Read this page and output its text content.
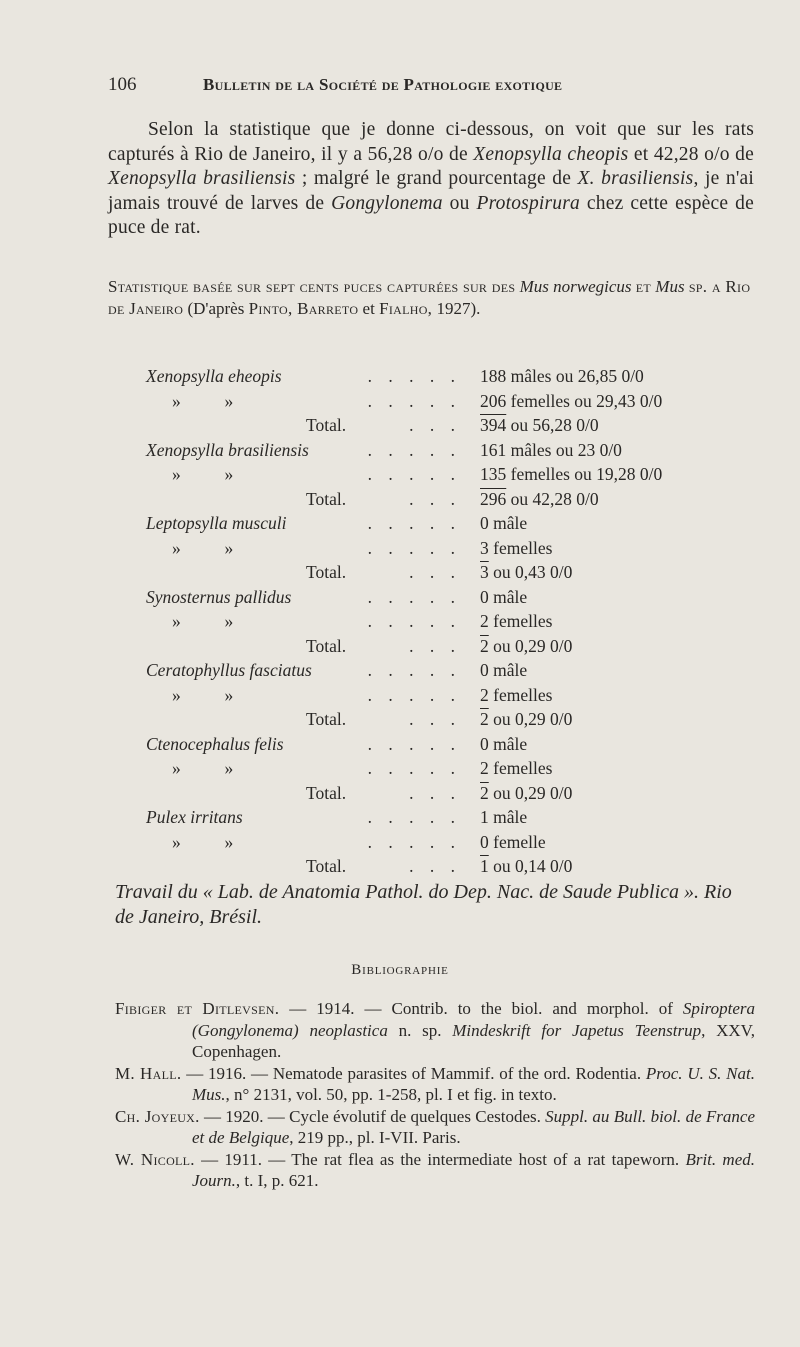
106	Bulletin de la Société de Pathologie exotique

Selon la statistique que je donne ci-dessous, on voit que sur les rats capturés à Rio de Janeiro, il y a 56,28 o/o de Xenopsylla cheopis et 42,28 o/o de Xenopsylla brasiliensis ; malgré le grand pourcentage de X. brasiliensis, je n'ai jamais trouvé de larves de Gongylonema ou Protospirura chez cette espèce de puce de rat.

Statistique basée sur sept cents puces capturées sur des Mus norwegicus et Mus sp. a Rio de Janeiro (D'après Pinto, Barreto et Fialho, 1927).

Xenopsylla eheopis	. . . . . 188 mâles ou 26,85 0/0
»          »	. . . . . 206 femelles ou 29,43 0/0
Total.	. . . 394 ou 56,28 0/0
Xenopsylla brasiliensis	. . . . . 161 mâles ou 23 0/0
»          »	. . . . . 135 femelles ou 19,28 0/0
Total.	. . . 296 ou 42,28 0/0
Leptopsylla musculi	. . . . . 0 mâle
»          »	. . . . . 3 femelles
Total.	. . . 3 ou 0,43 0/0
Synosternus pallidus	. . . . . 0 mâle
»          »	. . . . . 2 femelles
Total.	. . . 2 ou 0,29 0/0
Ceratophyllus fasciatus	. . . . . 0 mâle
»          »	. . . . . 2 femelles
Total.	. . . 2 ou 0,29 0/0
Ctenocephalus felis	. . . . . 0 mâle
»          »	. . . . . 2 femelles
Total.	. . . 2 ou 0,29 0/0
Pulex irritans	. . . . . 1 mâle
»          »	. . . . . 0 femelle
Total.	. . . 1 ou 0,14 0/0
Travail du « Lab. de Anatomia Pathol. do Dep. Nac. de Saude Publica ». Rio de Janeiro, Brésil.
Bibliographie

Fibiger et Ditlevsen. — 1914. — Contrib. to the biol. and morphol. of Spiroptera (Gongylonema) neoplastica n. sp. Mindeskrift for Japetus Teenstrup, XXV, Copenhagen.

M. Hall. — 1916. — Nematode parasites of Mammif. of the ord. Rodentia. Proc. U. S. Nat. Mus., n° 2131, vol. 50, pp. 1-258, pl. I et fig. in texto.

Ch. Joyeux. — 1920. — Cycle évolutif de quelques Cestodes. Suppl. au Bull. biol. de France et de Belgique, 219 pp., pl. I-VII. Paris.

W. Nicoll. — 1911. — The rat flea as the intermediate host of a rat tapeworn. Brit. med. Journ., t. I, p. 621.
